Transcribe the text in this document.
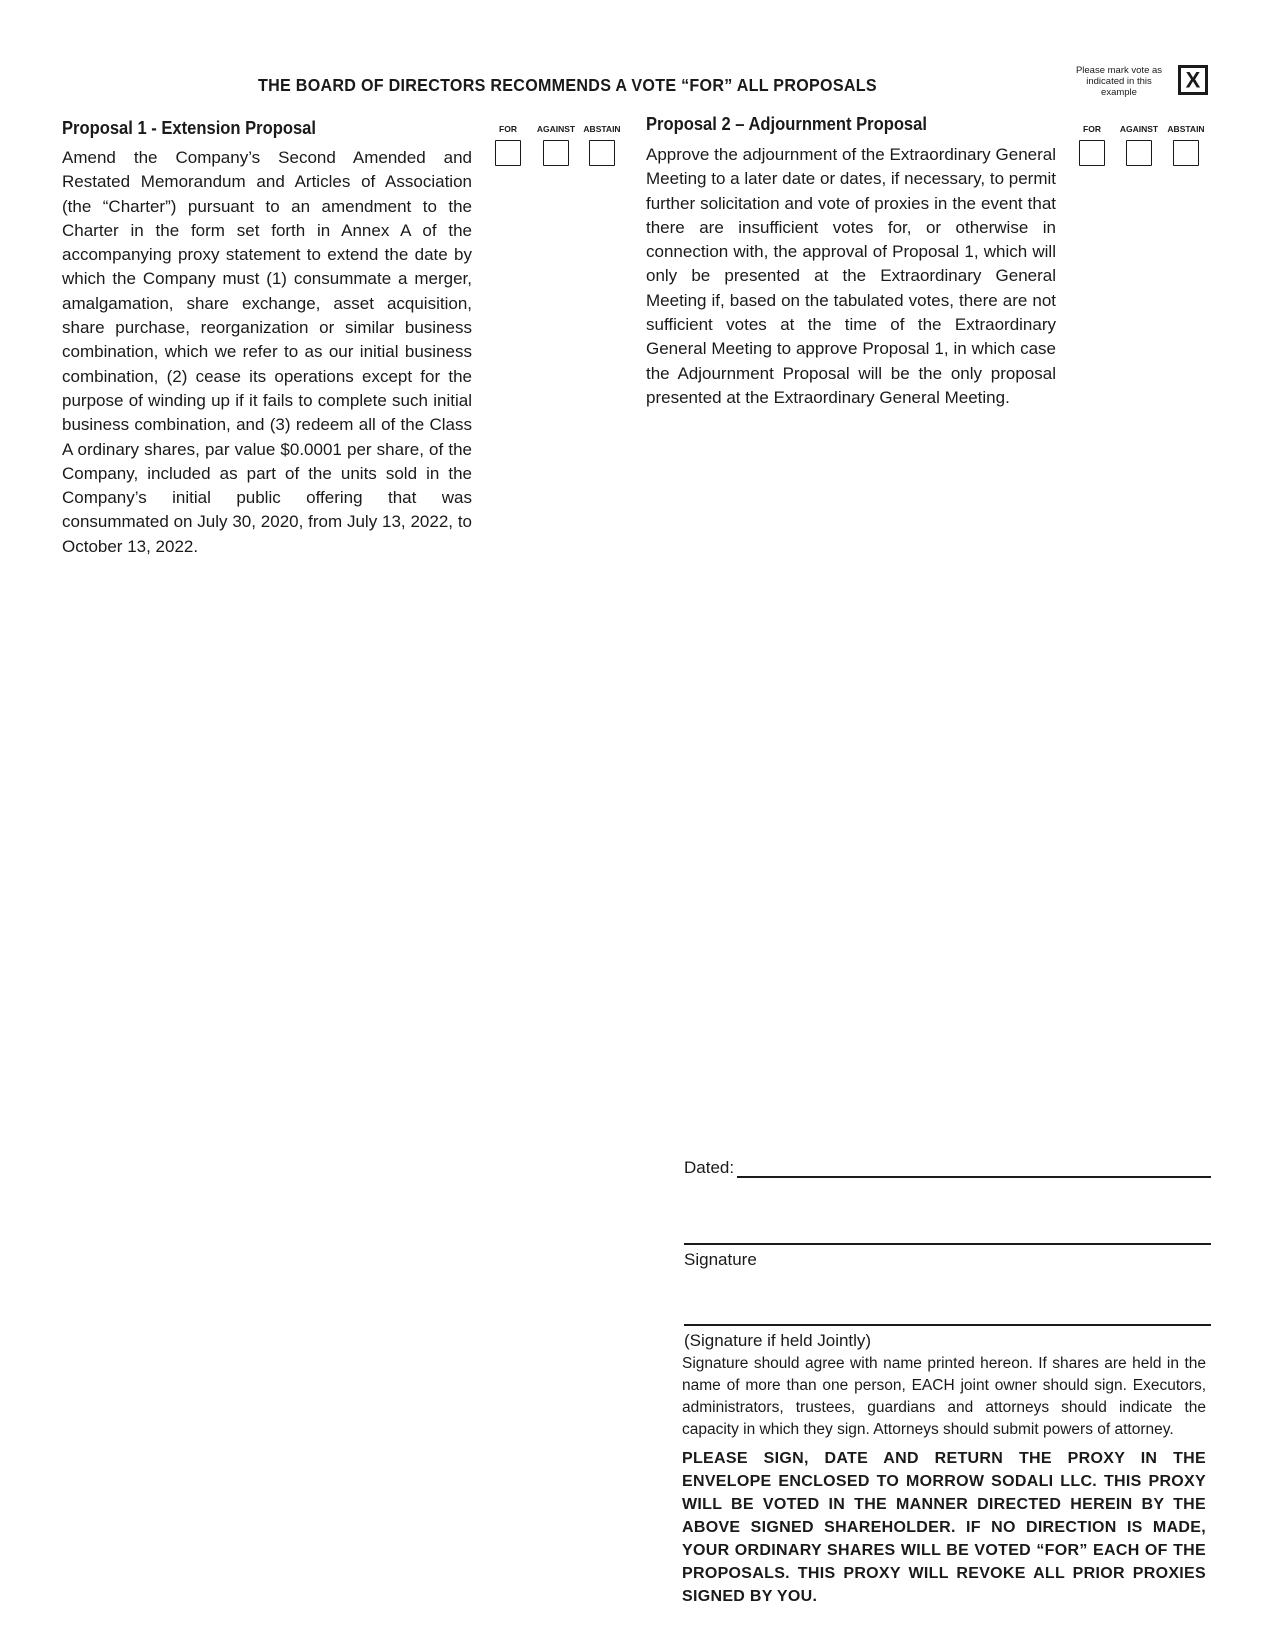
THE BOARD OF DIRECTORS RECOMMENDS A VOTE “FOR” ALL PROPOSALS
Please mark vote as indicated in this example	X
Proposal 1 - Extension Proposal
Amend the Company’s Second Amended and Restated Memorandum and Articles of Association (the “Charter”) pursuant to an amendment to the Charter in the form set forth in Annex A of the accompanying proxy statement to extend the date by which the Company must (1) consummate a merger, amalgamation, share exchange, asset acquisition, share purchase, reorganization or similar business combination, which we refer to as our initial business combination, (2) cease its operations except for the purpose of winding up if it fails to complete such initial business combination, and (3) redeem all of the Class A ordinary shares, par value $0.0001 per share, of the Company, included as part of the units sold in the Company’s initial public offering that was consummated on July 30, 2020, from July 13, 2022, to October 13, 2022.
FOR AGAINST ABSTAIN Proposal 2 – Adjournment Proposal
Approve the adjournment of the Extraordinary General Meeting to a later date or dates, if necessary, to permit further solicitation and vote of proxies in the event that there are insufficient votes for, or otherwise in connection with, the approval of Proposal 1, which will only be presented at the Extraordinary General Meeting if, based on the tabulated votes, there are not sufficient votes at the time of the Extraordinary General Meeting to approve Proposal 1, in which case the Adjournment Proposal will be the only proposal presented at the Extraordinary General Meeting.
FOR AGAINST ABSTAIN
Dated:
Signature
(Signature if held Jointly)
Signature should agree with name printed hereon. If shares are held in the name of more than one person, EACH joint owner should sign. Executors, administrators, trustees, guardians and attorneys should indicate the capacity in which they sign. Attorneys should submit powers of attorney.
PLEASE SIGN, DATE AND RETURN THE PROXY IN THE ENVELOPE ENCLOSED TO MORROW SODALI LLC. THIS PROXY WILL BE VOTED IN THE MANNER DIRECTED HEREIN BY THE ABOVE SIGNED SHAREHOLDER. IF NO DIRECTION IS MADE, YOUR ORDINARY SHARES WILL BE VOTED “FOR” EACH OF THE PROPOSALS. THIS PROXY WILL REVOKE ALL PRIOR PROXIES SIGNED BY YOU.
